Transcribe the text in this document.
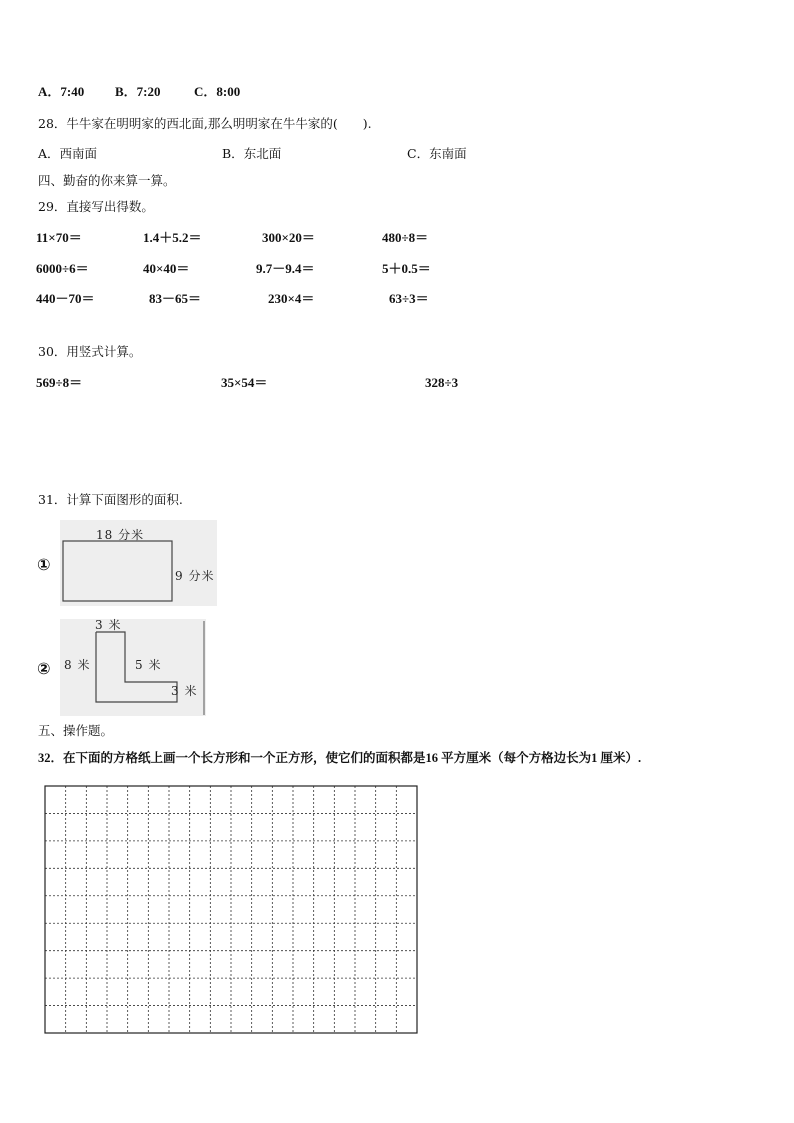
A．7:40 B．7:20	C．8:00
28．牛牛家在明明家的西北面,那么明明家在牛牛家的(　　).
A．西南面	B．东北面	C．东南面
四、勤奋的你来算一算。
29．直接写出得数。
11×70＝	1.4＋5.2＝	300×20＝	480÷8＝
6000÷6＝	40×40＝	9.7－9.4＝	5＋0.5＝
440－70＝	83－65＝	230×4＝	63÷3＝
30．用竖式计算。
569÷8＝	35×54＝	328÷3
31．计算下面图形的面积.
①
18 分米
9 分米
②
3 米
8 米	5 米
3 米
五、操作题。
32．在下面的方格纸上画一个长方形和一个正方形，使它们的面积都是16 平方厘米（每个方格边长为1 厘米）.
